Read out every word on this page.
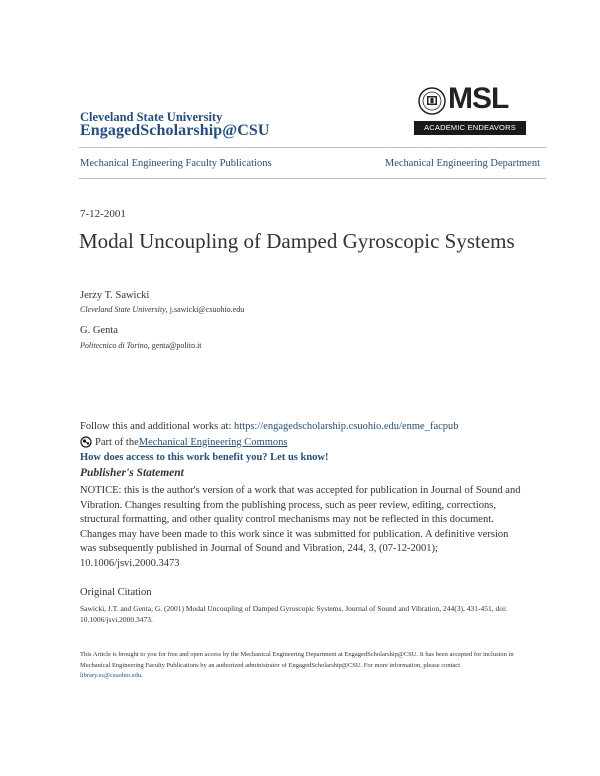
Cleveland State University
EngagedScholarship@CSU
MSL
ACADEMIC ENDEAVORS
Mechanical Engineering Faculty Publications	Mechanical Engineering Department
7-12-2001
Modal Uncoupling of Damped Gyroscopic Systems
Jerzy T. Sawicki
Cleveland State University, j.sawicki@csuohio.edu
G. Genta
Politecnico di Torino, genta@polito.it
Follow this and additional works at: https://engagedscholarship.csuohio.edu/enme_facpub
Part of the Mechanical Engineering Commons
How does access to this work benefit you? Let us know!
Publisher's Statement

NOTICE: this is the author's version of a work that was accepted for publication in Journal of Sound and Vibration. Changes resulting from the publishing process, such as peer review, editing, corrections, structural formatting, and other quality control mechanisms may not be reflected in this document. Changes may have been made to this work since it was submitted for publication. A definitive version was subsequently published in Journal of Sound and Vibration, 244, 3, (07-12-2001); 10.1006/jsvi.2000.3473

Original Citation

Sawicki, J.T. and Genta, G. (2001) Modal Uncoupling of Damped Gyroscopic Systems. Journal of Sound and Vibration, 244(3), 431-451, doi: 10.1006/jsvi.2000.3473.

This Article is brought to you for free and open access by the Mechanical Engineering Department at EngagedScholarship@CSU. It has been accepted for inclusion in Mechanical Engineering Faculty Publications by an authorized administrator of EngagedScholarship@CSU. For more information, please contact library.es@csuohio.edu.
